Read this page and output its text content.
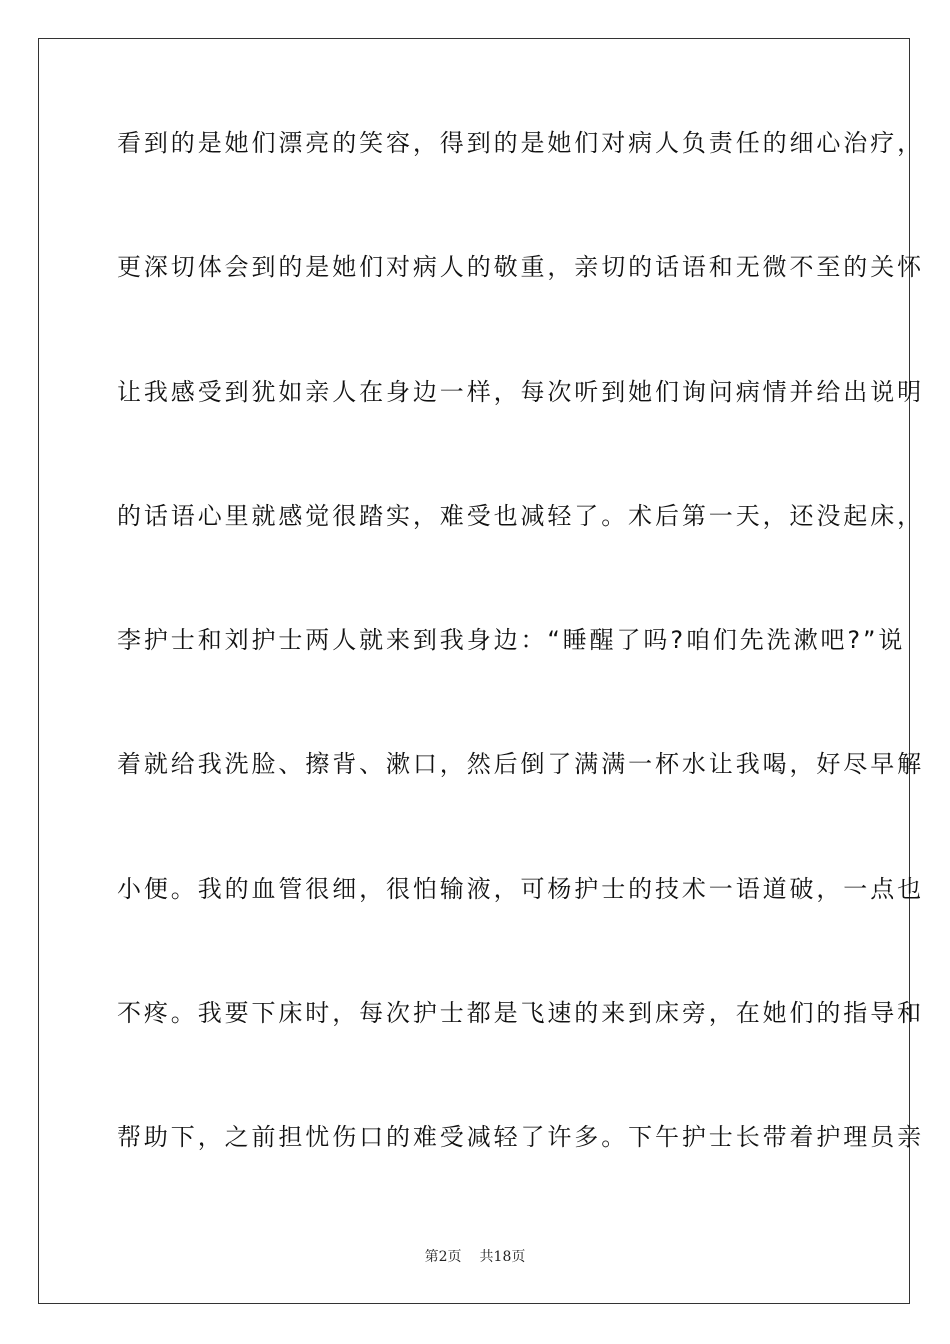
看到的是她们漂亮的笑容，得到的是她们对病人负责任的细心治疗，

更深切体会到的是她们对病人的敬重，亲切的话语和无微不至的关怀

让我感受到犹如亲人在身边一样，每次听到她们询问病情并给出说明

的话语心里就感觉很踏实，难受也减轻了。术后第一天，还没起床，

李护士和刘护士两人就来到我身边：“睡醒了吗?咱们先洗漱吧?”说

着就给我洗脸、擦背、漱口，然后倒了满满一杯水让我喝，好尽早解

小便。我的血管很细，很怕输液，可杨护士的技术一语道破，一点也

不疼。我要下床时，每次护士都是飞速的来到床旁，在她们的指导和

帮助下，之前担忧伤口的难受减轻了许多。下午护士长带着护理员亲

第2页 共18页
